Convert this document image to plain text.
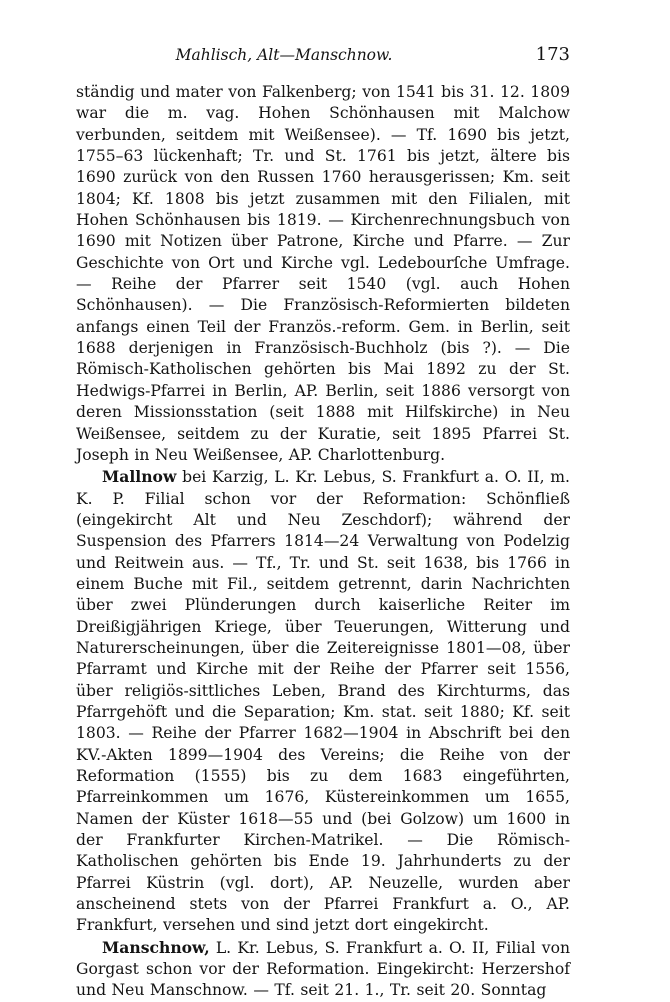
Mahlisch, Alt—Manschnow.	173

ständig und mater von Falkenberg; von 1541 bis 31. 12. 1809 war die m. vag. Hohen Schönhausen mit Malchow verbunden, seitdem mit Weißensee). — Tf. 1690 bis jetzt, 1755–63 lückenhaft; Tr. und St. 1761 bis jetzt, ältere bis 1690 zurück von den Russen 1760 herausgerissen; Km. seit 1804; Kf. 1808 bis jetzt zusammen mit den Filialen, mit Hohen Schönhausen bis 1819. — Kirchenrechnungsbuch von 1690 mit Notizen über Patrone, Kirche und Pfarre. — Zur Geschichte von Ort und Kirche vgl. Ledebourſche Umfrage. — Reihe der Pfarrer seit 1540 (vgl. auch Hohen Schönhausen). — Die Französisch-Reformierten bildeten anfangs einen Teil der Französ.-reform. Gem. in Berlin, seit 1688 derjenigen in Französisch-Buchholz (bis ?). — Die Römisch-Katholischen gehörten bis Mai 1892 zu der St. Hedwigs-Pfarrei in Berlin, AP. Berlin, seit 1886 versorgt von deren Missionsstation (seit 1888 mit Hilfskirche) in Neu Weißensee, seitdem zu der Kuratie, seit 1895 Pfarrei St. Joseph in Neu Weißensee, AP. Charlottenburg.

Mallnow bei Karzig, L. Kr. Lebus, S. Frankfurt a. O. II, m. K. P. Filial schon vor der Reformation: Schönfließ (eingekircht Alt und Neu Zeschdorf); während der Suspension des Pfarrers 1814—24 Verwaltung von Podelzig und Reitwein aus. — Tf., Tr. und St. seit 1638, bis 1766 in einem Buche mit Fil., seitdem getrennt, darin Nachrichten über zwei Plünderungen durch kaiserliche Reiter im Dreißigjährigen Kriege, über Teuerungen, Witterung und Naturerscheinungen, über die Zeitereignisse 1801—08, über Pfarramt und Kirche mit der Reihe der Pfarrer seit 1556, über religiös-sittliches Leben, Brand des Kirchturms, das Pfarrgehöft und die Separation; Km. stat. seit 1880; Kf. seit 1803. — Reihe der Pfarrer 1682—1904 in Abschrift bei den KV.-Akten 1899—1904 des Vereins; die Reihe von der Reformation (1555) bis zu dem 1683 eingeführten, Pfarreinkommen um 1676, Küstereinkommen um 1655, Namen der Küster 1618—55 und (bei Golzow) um 1600 in der Frankfurter Kirchen-Matrikel. — Die Römisch-Katholischen gehörten bis Ende 19. Jahrhunderts zu der Pfarrei Küstrin (vgl. dort), AP. Neuzelle, wurden aber anscheinend stets von der Pfarrei Frankfurt a. O., AP. Frankfurt, versehen und sind jetzt dort eingekircht.

Manschnow, L. Kr. Lebus, S. Frankfurt a. O. II, Filial von Gorgast schon vor der Reformation. Eingekircht: Herzershof und Neu Manschnow. — Tf. seit 21. 1., Tr. seit 20. Sonntag
